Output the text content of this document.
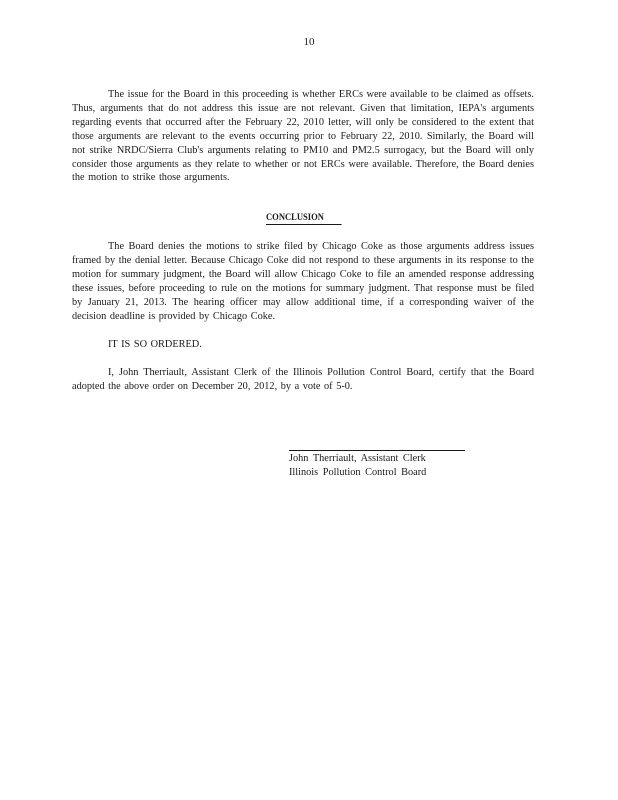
10
The issue for the Board in this proceeding is whether ERCs were available to be claimed as offsets. Thus, arguments that do not address this issue are not relevant. Given that limitation, IEPA's arguments regarding events that occurred after the February 22, 2010 letter, will only be considered to the extent that those arguments are relevant to the events occurring prior to February 22, 2010. Similarly, the Board will not strike NRDC/Sierra Club's arguments relating to PM10 and PM2.5 surrogacy, but the Board will only consider those arguments as they relate to whether or not ERCs were available. Therefore, the Board denies the motion to strike those arguments.
CONCLUSION
The Board denies the motions to strike filed by Chicago Coke as those arguments address issues framed by the denial letter. Because Chicago Coke did not respond to these arguments in its response to the motion for summary judgment, the Board will allow Chicago Coke to file an amended response addressing these issues, before proceeding to rule on the motions for summary judgment. That response must be filed by January 21, 2013. The hearing officer may allow additional time, if a corresponding waiver of the decision deadline is provided by Chicago Coke.
IT IS SO ORDERED.
I, John Therriault, Assistant Clerk of the Illinois Pollution Control Board, certify that the Board adopted the above order on December 20, 2012, by a vote of 5-0.
John Therriault, Assistant Clerk
Illinois Pollution Control Board
